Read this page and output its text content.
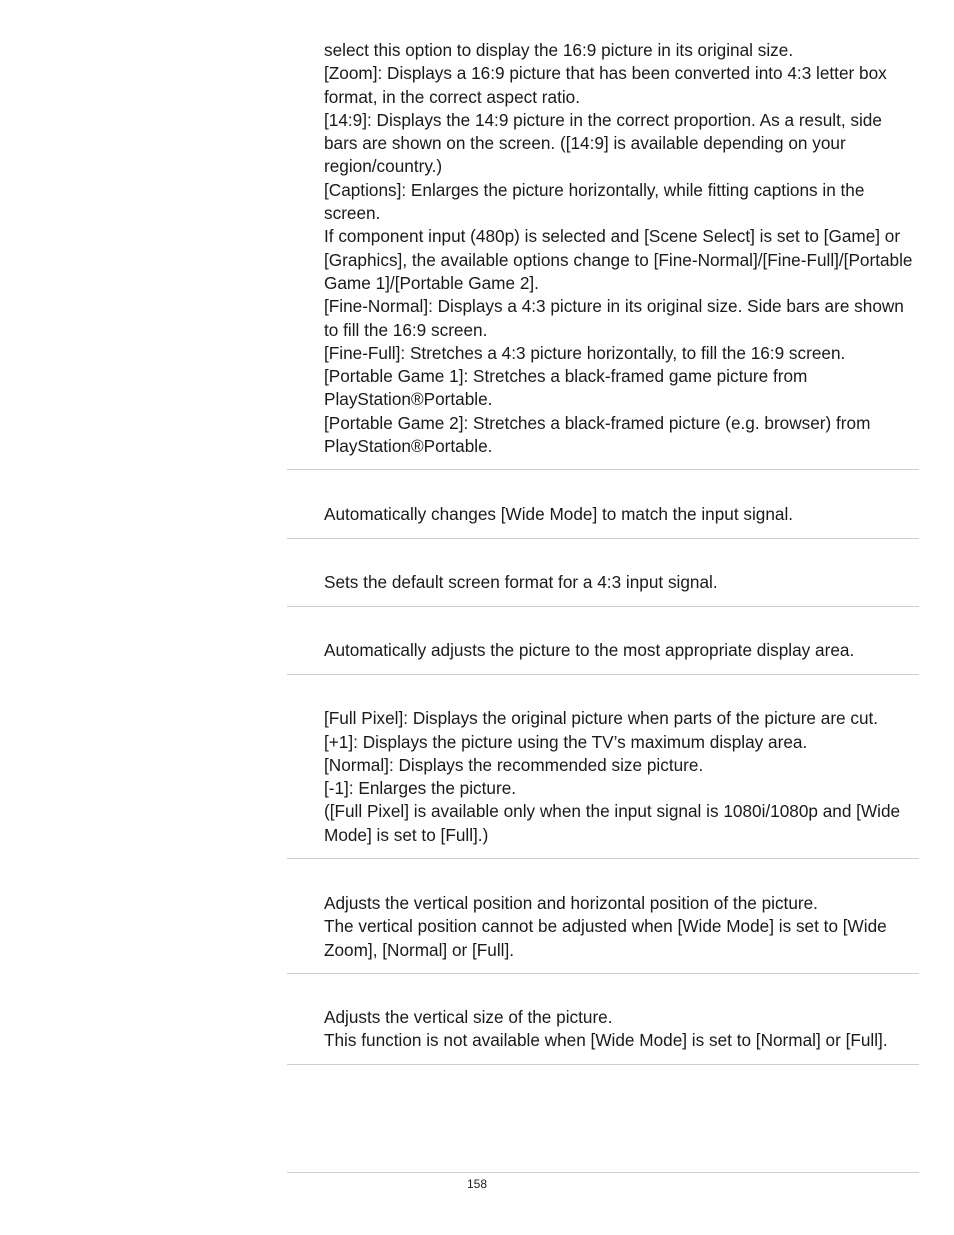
select this option to display the 16:9 picture in its original size.
[Zoom]: Displays a 16:9 picture that has been converted into 4:3 letter box format, in the correct aspect ratio.
[14:9]: Displays the 14:9 picture in the correct proportion. As a result, side bars are shown on the screen. ([14:9] is available depending on your region/country.)
[Captions]: Enlarges the picture horizontally, while fitting captions in the screen.
If component input (480p) is selected and [Scene Select] is set to [Game] or [Graphics], the available options change to [Fine-Normal]/[Fine-Full]/[Portable Game 1]/[Portable Game 2].
[Fine-Normal]: Displays a 4:3 picture in its original size. Side bars are shown to fill the 16:9 screen.
[Fine-Full]: Stretches a 4:3 picture horizontally, to fill the 16:9 screen.
[Portable Game 1]: Stretches a black-framed game picture from PlayStation®Portable.
[Portable Game 2]: Stretches a black-framed picture (e.g. browser) from PlayStation®Portable.
Automatically changes [Wide Mode] to match the input signal.
Sets the default screen format for a 4:3 input signal.
Automatically adjusts the picture to the most appropriate display area.
[Full Pixel]: Displays the original picture when parts of the picture are cut.
[+1]: Displays the picture using the TV’s maximum display area.
[Normal]: Displays the recommended size picture.
[-1]: Enlarges the picture.
([Full Pixel] is available only when the input signal is 1080i/1080p and [Wide Mode] is set to [Full].)
Adjusts the vertical position and horizontal position of the picture.
The vertical position cannot be adjusted when [Wide Mode] is set to [Wide Zoom], [Normal] or [Full].
Adjusts the vertical size of the picture.
This function is not available when [Wide Mode] is set to [Normal] or [Full].
158
